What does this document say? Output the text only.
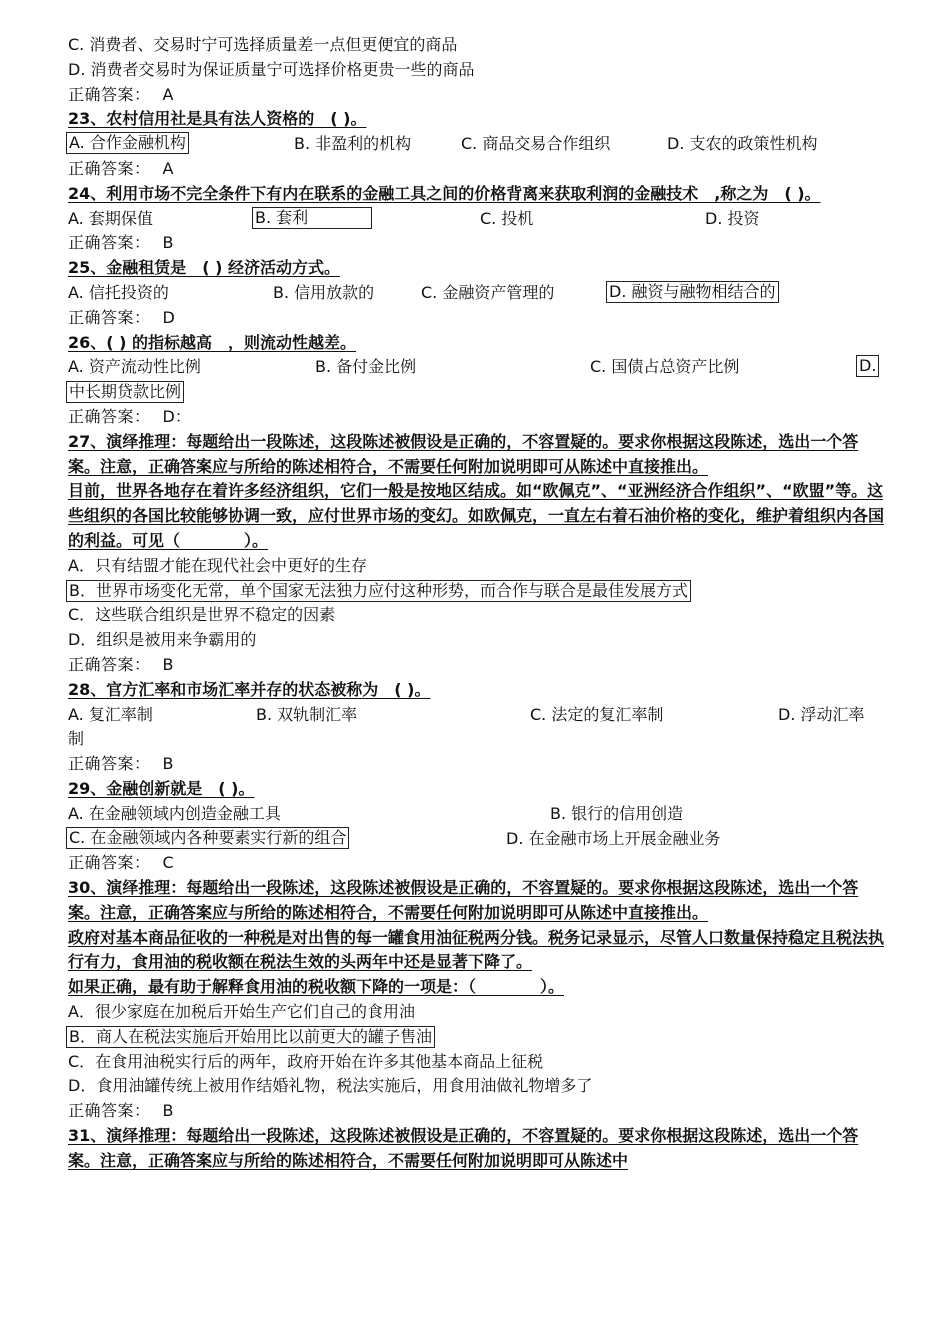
C. 消费者、交易时宁可选择质量差一点但更便宜的商品
D. 消费者交易时为保证质量宁可选择价格更贵一些的商品
正确答案： A
23、农村信用社是具有法人资格的　( )。
A. 合作金融机构	B. 非盈利的机构	C. 商品交易合作组织	D. 支农的政策性机构
正确答案： A
24、利用市场不完全条件下有内在联系的金融工具之间的价格背离来获取利润的金融技术　,称之为　( )。
A. 套期保值	B. 套利	C. 投机	D. 投资
正确答案： B
25、金融租赁是　( ) 经济活动方式。
A. 信托投资的	B. 信用放款的	C. 金融资产管理的	D. 融资与融物相结合的
正确答案： D
26、( ) 的指标越高　，则流动性越差。
A. 资产流动性比例	B. 备付金比例	C. 国债占总资产比例	D.
中长期贷款比例
正确答案： D：
27、演绎推理：每题给出一段陈述，这段陈述被假设是正确的，不容置疑的。要求你根据这段陈述，选出一个答案。注意，正确答案应与所给的陈述相符合，不需要任何附加说明即可从陈述中直接推出。
目前，世界各地存在着许多经济组织，它们一般是按地区结成。如“欧佩克”、“亚洲经济合作组织”、“欧盟”等。这些组织的各国比较能够协调一致，应付世界市场的变幻。如欧佩克，一直左右着石油价格的变化，维护着组织内各国的利益。可见（　　　　）。
A．只有结盟才能在现代社会中更好的生存
B．世界市场变化无常，单个国家无法独力应付这种形势，而合作与联合是最佳发展方式
C．这些联合组织是世界不稳定的因素
D．组织是被用来争霸用的
正确答案： B
28、官方汇率和市场汇率并存的状态被称为　( )。
A. 复汇率制	B. 双轨制汇率	C. 法定的复汇率制	D. 浮动汇率
制
正确答案： B
29、金融创新就是　( )。
A. 在金融领域内创造金融工具	B. 银行的信用创造
C. 在金融领域内各种要素实行新的组合	D. 在金融市场上开展金融业务
正确答案： C
30、演绎推理：每题给出一段陈述，这段陈述被假设是正确的，不容置疑的。要求你根据这段陈述，选出一个答案。注意，正确答案应与所给的陈述相符合，不需要任何附加说明即可从陈述中直接推出。
政府对基本商品征收的一种税是对出售的每一罐食用油征税两分钱。税务记录显示，尽管人口数量保持稳定且税法执行有力，食用油的税收额在税法生效的头两年中还是显著下降了。
如果正确，最有助于解释食用油的税收额下降的一项是：（　　　　）。
A．很少家庭在加税后开始生产它们自己的食用油
B．商人在税法实施后开始用比以前更大的罐子售油
C．在食用油税实行后的两年，政府开始在许多其他基本商品上征税
D．食用油罐传统上被用作结婚礼物，税法实施后，用食用油做礼物增多了
正确答案： B
31、演绎推理：每题给出一段陈述，这段陈述被假设是正确的，不容置疑的。要求你根据这段陈述，选出一个答案。注意，正确答案应与所给的陈述相符合，不需要任何附加说明即可从陈述中
